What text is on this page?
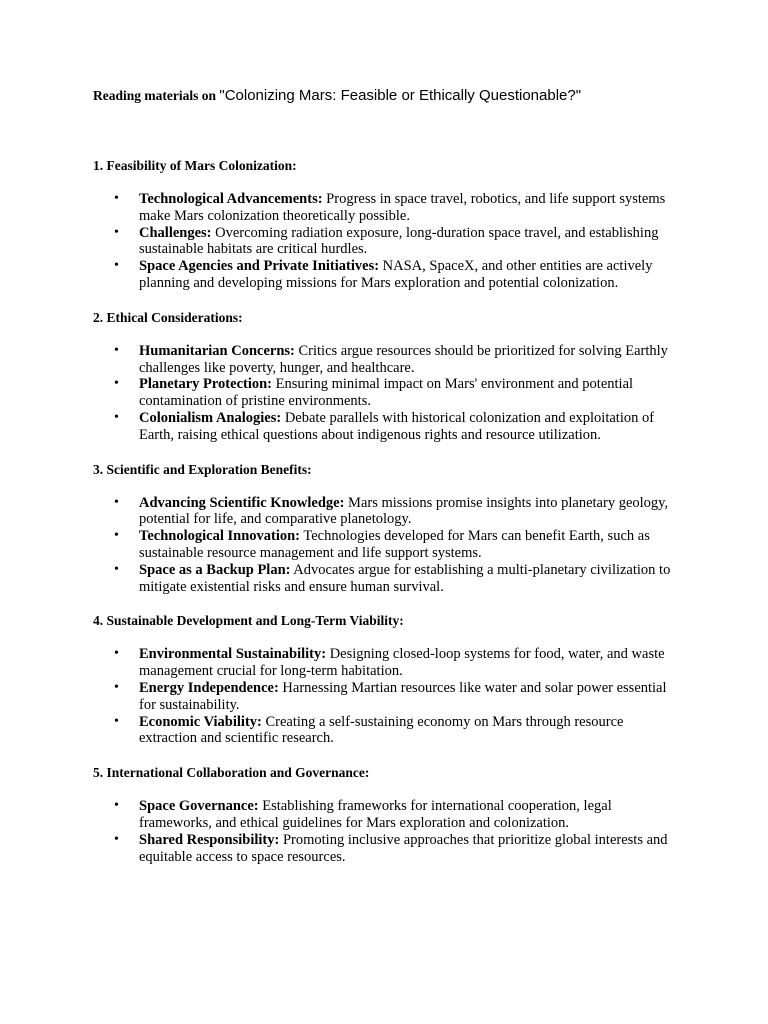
Reading materials on "Colonizing Mars: Feasible or Ethically Questionable?"

1. Feasibility of Mars Colonization:
• Technological Advancements: Progress in space travel, robotics, and life support systems make Mars colonization theoretically possible.
• Challenges: Overcoming radiation exposure, long-duration space travel, and establishing sustainable habitats are critical hurdles.
• Space Agencies and Private Initiatives: NASA, SpaceX, and other entities are actively planning and developing missions for Mars exploration and potential colonization.
2. Ethical Considerations:
• Humanitarian Concerns: Critics argue resources should be prioritized for solving Earthly challenges like poverty, hunger, and healthcare.
• Planetary Protection: Ensuring minimal impact on Mars' environment and potential contamination of pristine environments.
• Colonialism Analogies: Debate parallels with historical colonization and exploitation of Earth, raising ethical questions about indigenous rights and resource utilization.
3. Scientific and Exploration Benefits:
• Advancing Scientific Knowledge: Mars missions promise insights into planetary geology, potential for life, and comparative planetology.
• Technological Innovation: Technologies developed for Mars can benefit Earth, such as sustainable resource management and life support systems.
• Space as a Backup Plan: Advocates argue for establishing a multi-planetary civilization to mitigate existential risks and ensure human survival.
4. Sustainable Development and Long-Term Viability:
• Environmental Sustainability: Designing closed-loop systems for food, water, and waste management crucial for long-term habitation.
• Energy Independence: Harnessing Martian resources like water and solar power essential for sustainability.
• Economic Viability: Creating a self-sustaining economy on Mars through resource extraction and scientific research.
5. International Collaboration and Governance:
• Space Governance: Establishing frameworks for international cooperation, legal frameworks, and ethical guidelines for Mars exploration and colonization.
• Shared Responsibility: Promoting inclusive approaches that prioritize global interests and equitable access to space resources.
